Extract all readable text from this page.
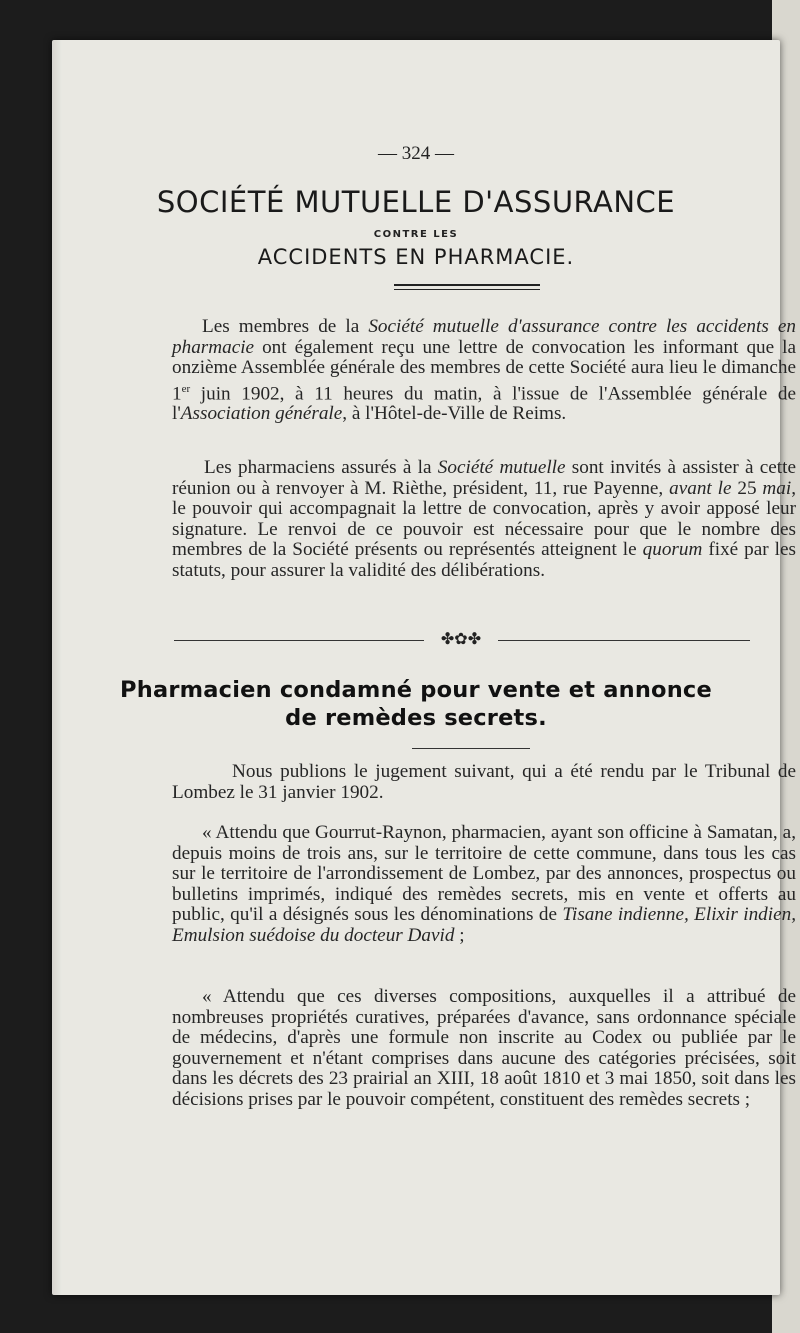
— 324 —
SOCIÉTÉ MUTUELLE D'ASSURANCE
CONTRE LES
ACCIDENTS EN PHARMACIE.

Les membres de la Société mutuelle d'assurance contre les accidents en pharmacie ont également reçu une lettre de convocation les informant que la onzième Assemblée générale des membres de cette Société aura lieu le dimanche 1er juin 1902, à 11 heures du matin, à l'issue de l'Assemblée générale de l'Association générale, à l'Hôtel-de-Ville de Reims.

Les pharmaciens assurés à la Société mutuelle sont invités à assister à cette réunion ou à renvoyer à M. Rièthe, président, 11, rue Payenne, avant le 25 mai, le pouvoir qui accompagnait la lettre de convocation, après y avoir apposé leur signature. Le renvoi de ce pouvoir est nécessaire pour que le nombre des membres de la Société présents ou représentés atteignent le quorum fixé par les statuts, pour assurer la validité des délibérations.

✤✿✤
Pharmacien condamné pour vente et annonce
de remèdes secrets.

Nous publions le jugement suivant, qui a été rendu par le Tribunal de Lombez le 31 janvier 1902.

« Attendu que Gourrut-Raynon, pharmacien, ayant son officine à Samatan, a, depuis moins de trois ans, sur le territoire de cette commune, dans tous les cas sur le territoire de l'arrondissement de Lombez, par des annonces, prospectus ou bulletins imprimés, indiqué des remèdes secrets, mis en vente et offerts au public, qu'il a désignés sous les dénominations de Tisane indienne, Elixir indien, Emulsion suédoise du docteur David ;

« Attendu que ces diverses compositions, auxquelles il a attribué de nombreuses propriétés curatives, préparées d'avance, sans ordonnance spéciale de médecins, d'après une formule non inscrite au Codex ou publiée par le gouvernement et n'étant comprises dans aucune des catégories précisées, soit dans les décrets des 23 prairial an XIII, 18 août 1810 et 3 mai 1850, soit dans les décisions prises par le pouvoir compétent, constituent des remèdes secrets ;
